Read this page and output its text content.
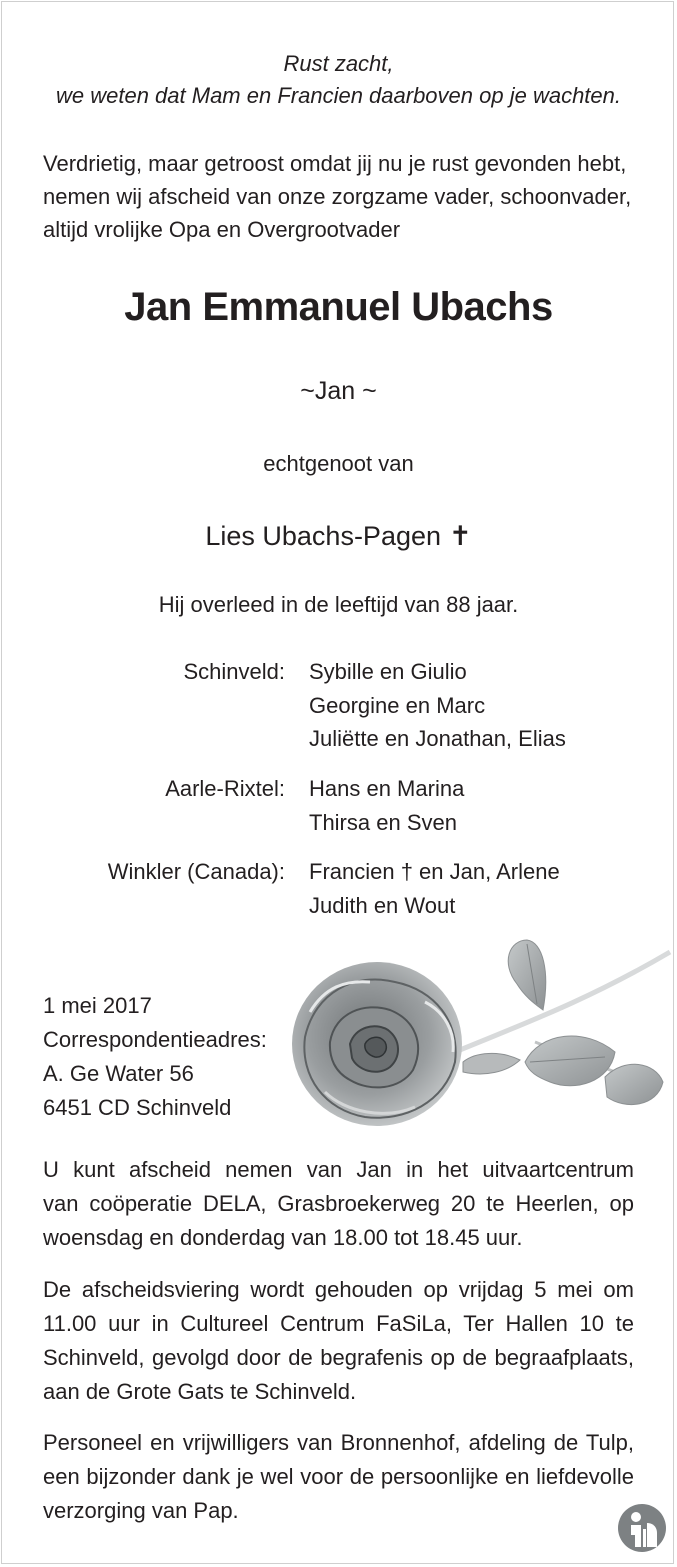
Rust zacht,
we weten dat Mam en Francien daarboven op je wachten.
Verdrietig, maar getroost omdat jij nu je rust gevonden hebt,
nemen wij afscheid van onze zorgzame vader, schoonvader,
altijd vrolijke Opa en Overgrootvader
Jan Emmanuel Ubachs
~Jan ~
echtgenoot van
Lies Ubachs-Pagen ✝
Hij overleed in de leeftijd van 88 jaar.
Schinveld: Sybille en Giulio
Georgine en Marc
Juliëtte en Jonathan, Elias
Aarle-Rixtel: Hans en Marina
Thirsa en Sven
Winkler (Canada): Francien † en Jan, Arlene
Judith en Wout
1 mei 2017
Correspondentieadres:
A. Ge Water 56
6451 CD Schinveld
U kunt afscheid nemen van Jan in het uitvaartcentrum
van coöperatie DELA, Grasbroekerweg 20 te Heerlen, op
woensdag en donderdag van 18.00 tot 18.45 uur.
De afscheidsviering wordt gehouden op vrijdag 5 mei om
11.00 uur in Cultureel Centrum FaSiLa, Ter Hallen 10 te
Schinveld, gevolgd door de begrafenis op de begraafplaats,
aan de Grote Gats te Schinveld.
Personeel en vrijwilligers van Bronnenhof, afdeling de Tulp,
een bijzonder dank je wel voor de persoonlijke en liefdevolle
verzorging van Pap.
